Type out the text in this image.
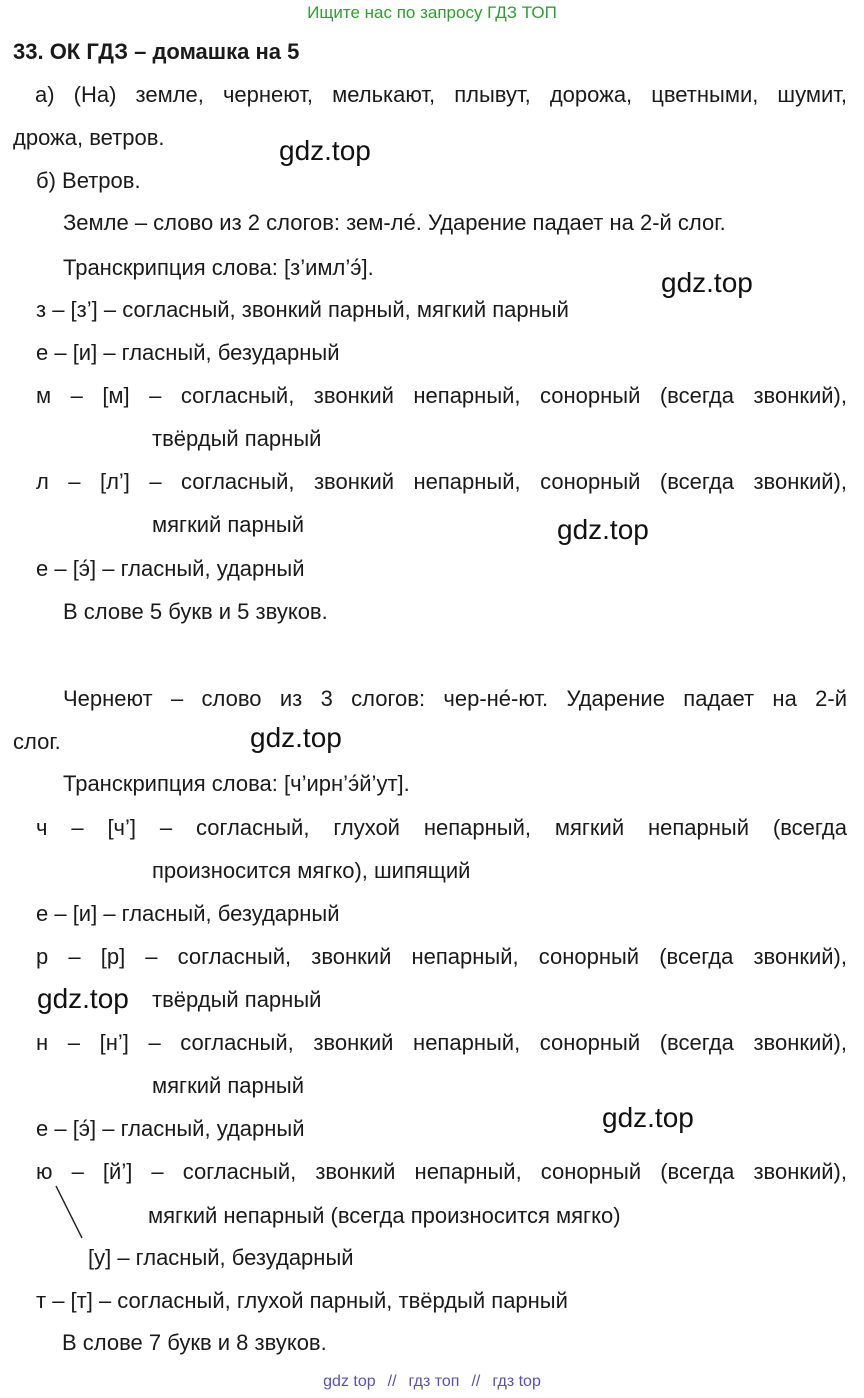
Ищите нас по запросу ГДЗ ТОП
33. ОК ГДЗ – домашка на 5
а) (На) земле, чернеют, мелькают, плывут, дорожа, цветными, шумит,
дрожа, ветров.
б) Ветров.
Земле – слово из 2 слогов: зем-ле́. Ударение падает на 2-й слог.
Транскрипция слова: [з’имл’э́].
з – [з’] – согласный, звонкий парный, мягкий парный
е – [и] – гласный, безударный
м – [м] – согласный, звонкий непарный, сонорный (всегда звонкий),
твёрдый парный
л – [л’] – согласный, звонкий непарный, сонорный (всегда звонкий),
мягкий парный
е – [э́] – гласный, ударный
В слове 5 букв и 5 звуков.
Чернеют – слово из 3 слогов: чер-не́-ют. Ударение падает на 2-й
слог.
Транскрипция слова: [ч’ирн’э́й’ут].
ч – [ч’] – согласный, глухой непарный, мягкий непарный (всегда
произносится мягко), шипящий
е – [и] – гласный, безударный
р – [р] – согласный, звонкий непарный, сонорный (всегда звонкий),
твёрдый парный
н – [н’] – согласный, звонкий непарный, сонорный (всегда звонкий),
мягкий парный
е – [э́] – гласный, ударный
ю – [й’] – согласный, звонкий непарный, сонорный (всегда звонкий),
мягкий непарный (всегда произносится мягко)
[у] – гласный, безударный
т – [т] – согласный, глухой парный, твёрдый парный
В слове 7 букв и 8 звуков.
gdz.top
gdz.top
gdz.top
gdz.top
gdz.top
gdz.top
gdz top // гдз топ // гдз top
